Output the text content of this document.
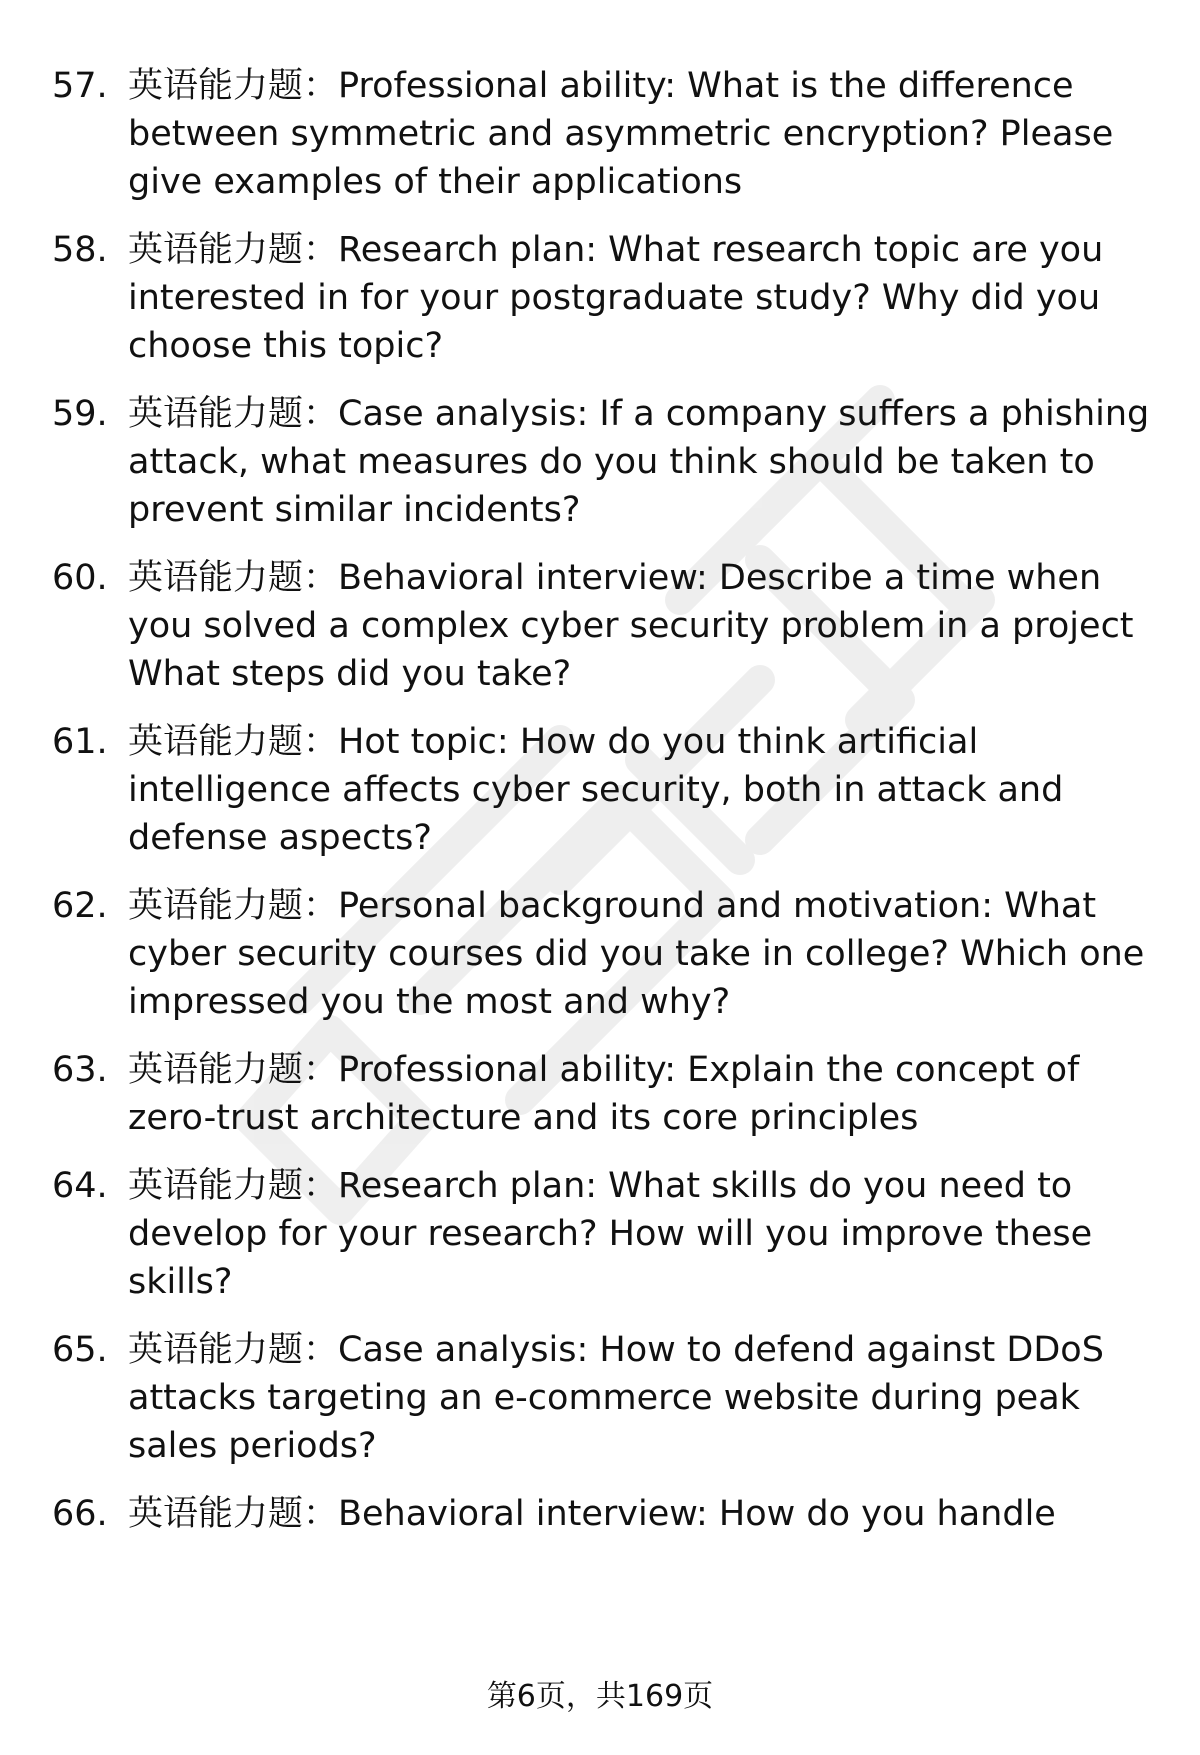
57. 英语能力题：Professional ability: What is the difference between symmetric and asymmetric encryption? Please give examples of their applications
58. 英语能力题：Research plan: What research topic are you interested in for your postgraduate study? Why did you choose this topic?
59. 英语能力题：Case analysis: If a company suffers a phishing attack, what measures do you think should be taken to prevent similar incidents?
60. 英语能力题：Behavioral interview: Describe a time when you solved a complex cyber security problem in a project What steps did you take?
61. 英语能力题：Hot topic: How do you think artificial intelligence affects cyber security, both in attack and defense aspects?
62. 英语能力题：Personal background and motivation: What cyber security courses did you take in college? Which one impressed you the most and why?
63. 英语能力题：Professional ability: Explain the concept of zero-trust architecture and its core principles
64. 英语能力题：Research plan: What skills do you need to develop for your research? How will you improve these skills?
65. 英语能力题：Case analysis: How to defend against DDoS attacks targeting an e-commerce website during peak sales periods?
66. 英语能力题：Behavioral interview: How do you handle
第6页，共169页
